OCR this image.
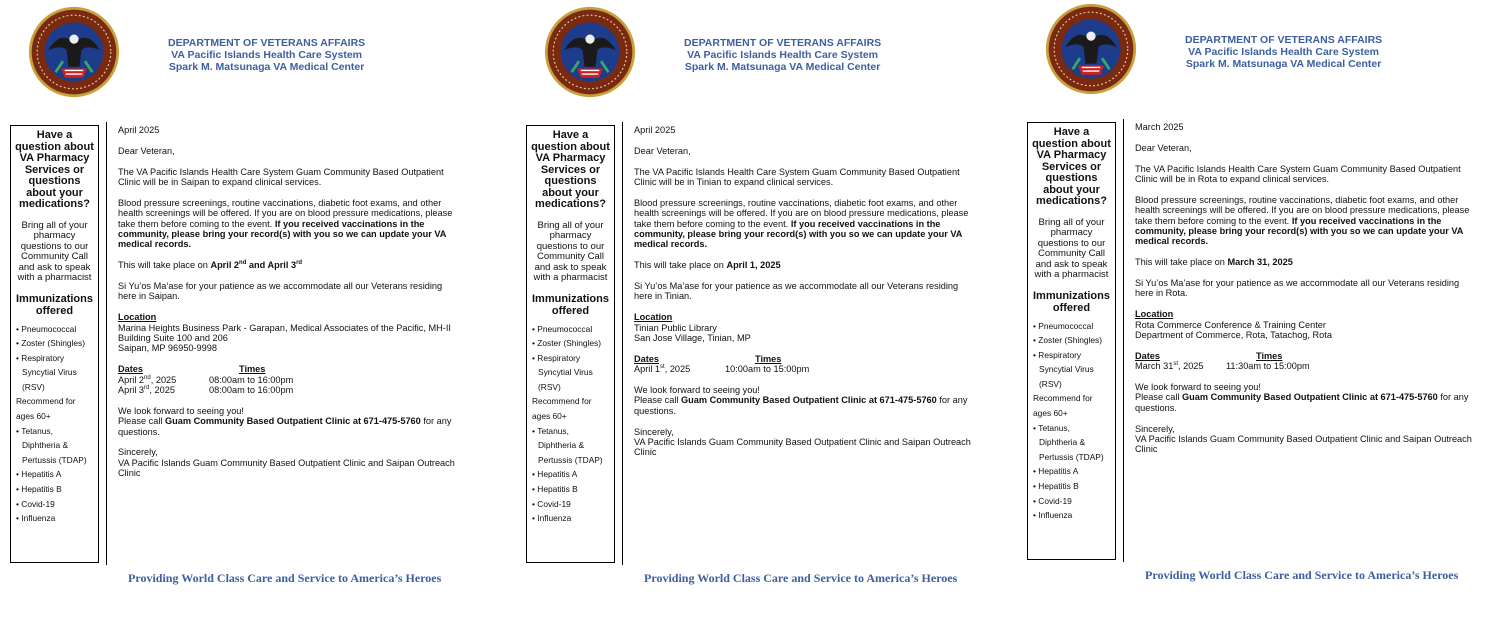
DEPARTMENT OF VETERANS AFFAIRS
VA Pacific Islands Health Care System
Spark M. Matsunaga VA Medical Center
Have a question about VA Pharmacy Services or questions about your medications?
Bring all of your pharmacy questions to our Community Call and ask to speak with a pharmacist
Immunizations offered
• Pneumococcal
• Zoster (Shingles)
• Respiratory
Syncytial Virus
(RSV)
Recommend for
ages 60+
• Tetanus,
Diphtheria &
Pertussis (TDAP)
• Hepatitis A
• Hepatitis B
• Covid-19
• Influenza

April 2025

Dear Veteran,

The VA Pacific Islands Health Care System Guam Community Based Outpatient Clinic will be in Saipan to expand clinical services.

Blood pressure screenings, routine vaccinations, diabetic foot exams, and other health screenings will be offered. If you are on blood pressure medications, please take them before coming to the event. If you received vaccinations in the community, please bring your record(s) with you so we can update your VA medical records.

This will take place on April 2nd and April 3rd

Si Yu’os Ma’ase for your patience as we accommodate all our Veterans residing here in Saipan.

Location
Marina Heights Business Park - Garapan, Medical Associates of the Pacific, MH-II Building Suite 100 and 206
Saipan, MP 96950-9998

Dates	Times
April 2nd, 2025	08:00am to 16:00pm
April 3rd, 2025	08:00am to 16:00pm

We look forward to seeing you!

Please call Guam Community Based Outpatient Clinic at 671-475-5760 for any questions.

Sincerely,
VA Pacific Islands Guam Community Based Outpatient Clinic and Saipan Outreach Clinic
Providing World Class Care and Service to America’s Heroes
DEPARTMENT OF VETERANS AFFAIRS
VA Pacific Islands Health Care System
Spark M. Matsunaga VA Medical Center
Have a question about VA Pharmacy Services or questions about your medications?
Bring all of your pharmacy questions to our Community Call and ask to speak with a pharmacist
Immunizations offered
• Pneumococcal
• Zoster (Shingles)
• Respiratory
Syncytial Virus
(RSV)
Recommend for
ages 60+
• Tetanus,
Diphtheria &
Pertussis (TDAP)
• Hepatitis A
• Hepatitis B
• Covid-19
• Influenza

April 2025

Dear Veteran,

The VA Pacific Islands Health Care System Guam Community Based Outpatient Clinic will be in Tinian to expand clinical services.

Blood pressure screenings, routine vaccinations, diabetic foot exams, and other health screenings will be offered. If you are on blood pressure medications, please take them before coming to the event. If you received vaccinations in the community, please bring your record(s) with you so we can update your VA medical records.

This will take place on April 1, 2025

Si Yu’os Ma’ase for your patience as we accommodate all our Veterans residing here in Tinian.

Location
Tinian Public Library
San Jose Village, Tinian, MP

Dates	Times
April 1st, 2025	10:00am to 15:00pm

We look forward to seeing you!

Please call Guam Community Based Outpatient Clinic at 671-475-5760 for any questions.

Sincerely,
VA Pacific Islands Guam Community Based Outpatient Clinic and Saipan Outreach Clinic
Providing World Class Care and Service to America’s Heroes
DEPARTMENT OF VETERANS AFFAIRS
VA Pacific Islands Health Care System
Spark M. Matsunaga VA Medical Center
Have a question about VA Pharmacy Services or questions about your medications?
Bring all of your pharmacy questions to our Community Call and ask to speak with a pharmacist
Immunizations offered
• Pneumococcal
• Zoster (Shingles)
• Respiratory
Syncytial Virus
(RSV)
Recommend for
ages 60+
• Tetanus,
Diphtheria &
Pertussis (TDAP)
• Hepatitis A
• Hepatitis B
• Covid-19
• Influenza

March 2025

Dear Veteran,

The VA Pacific Islands Health Care System Guam Community Based Outpatient Clinic will be in Rota to expand clinical services.

Blood pressure screenings, routine vaccinations, diabetic foot exams, and other health screenings will be offered. If you are on blood pressure medications, please take them before coming to the event. If you received vaccinations in the community, please bring your record(s) with you so we can update your VA medical records.

This will take place on March 31, 2025

Si Yu’os Ma’ase for your patience as we accommodate all our Veterans residing here in Rota.

Location
Rota Commerce Conference & Training Center
Department of Commerce, Rota, Tatachog, Rota

Dates	Times
March 31st, 2025	11:30am to 15:00pm

We look forward to seeing you!

Please call Guam Community Based Outpatient Clinic at 671-475-5760 for any questions.

Sincerely,
VA Pacific Islands Guam Community Based Outpatient Clinic and Saipan Outreach Clinic
Providing World Class Care and Service to America’s Heroes
